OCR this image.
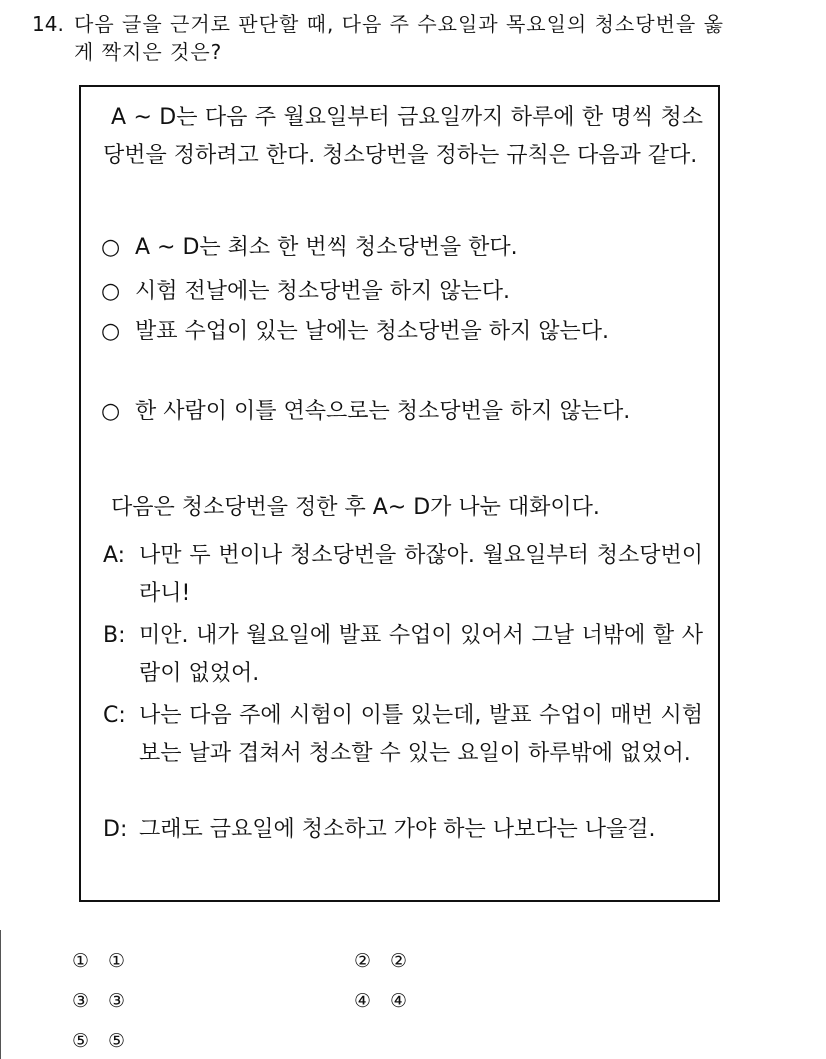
14. 다음 글을 근거로 판단할 때, 다음 주 수요일과 목요일의 청소당번을 옳게 짝지은 것은?
A ~ D는 다음 주 월요일부터 금요일까지 하루에 한 명씩 청소당번을 정하려고 한다. 청소당번을 정하는 규칙은 다음과 같다.
○ A ~ D는 최소 한 번씩 청소당번을 한다.
○ 시험 전날에는 청소당번을 하지 않는다.
○ 발표 수업이 있는 날에는 청소당번을 하지 않는다.
○ 한 사람이 이틀 연속으로는 청소당번을 하지 않는다.
다음은 청소당번을 정한 후 A~ D가 나눈 대화이다.
A: 나만 두 번이나 청소당번을 하잖아. 월요일부터 청소당번이라니!
B: 미안. 내가 월요일에 발표 수업이 있어서 그날 너밖에 할 사람이 없었어.
C: 나는 다음 주에 시험이 이틀 있는데, 발표 수업이 매번 시험 보는 날과 겹쳐서 청소할 수 있는 요일이 하루밖에 없었어.
D: 그래도 금요일에 청소하고 가야 하는 나보다는 나을걸.
① ①	② ②
③ ③	④ ④
⑤ ⑤
